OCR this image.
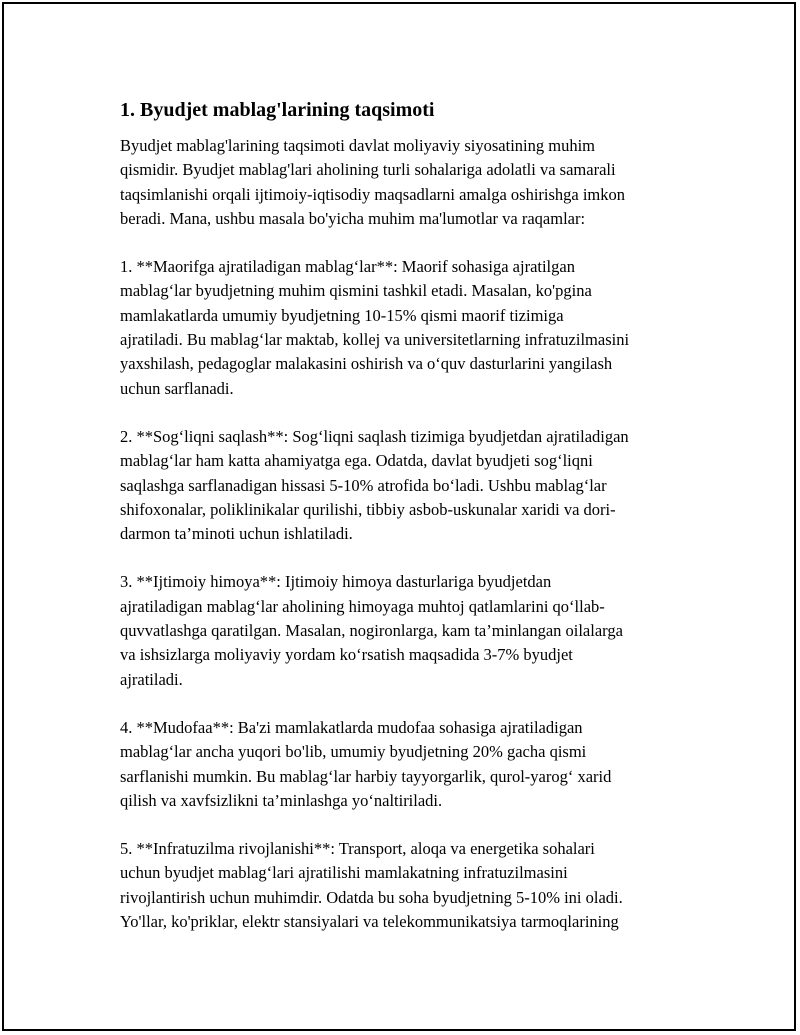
1. Byudjet mablag'larining taqsimoti

Byudjet mablag'larining taqsimoti davlat moliyaviy siyosatining muhim
qismidir. Byudjet mablag'lari aholining turli sohalariga adolatli va samarali
taqsimlanishi orqali ijtimoiy-iqtisodiy maqsadlarni amalga oshirishga imkon
beradi. Mana, ushbu masala bo'yicha muhim ma'lumotlar va raqamlar:

1. **Maorifga ajratiladigan mablag‘lar**: Maorif sohasiga ajratilgan
mablag‘lar byudjetning muhim qismini tashkil etadi. Masalan, ko'pgina
mamlakatlarda umumiy byudjetning 10-15% qismi maorif tizimiga
ajratiladi. Bu mablag‘lar maktab, kollej va universitetlarning infratuzilmasini
yaxshilash, pedagoglar malakasini oshirish va o‘quv dasturlarini yangilash
uchun sarflanadi.

2. **Sog‘liqni saqlash**: Sog‘liqni saqlash tizimiga byudjetdan ajratiladigan
mablag‘lar ham katta ahamiyatga ega. Odatda, davlat byudjeti sog‘liqni
saqlashga sarflanadigan hissasi 5-10% atrofida bo‘ladi. Ushbu mablag‘lar
shifoxonalar, poliklinikalar qurilishi, tibbiy asbob-uskunalar xaridi va dori-
darmon ta’minoti uchun ishlatiladi.

3. **Ijtimoiy himoya**: Ijtimoiy himoya dasturlariga byudjetdan
ajratiladigan mablag‘lar aholining himoyaga muhtoj qatlamlarini qo‘llab-
quvvatlashga qaratilgan. Masalan, nogironlarga, kam ta’minlangan oilalarga
va ishsizlarga moliyaviy yordam ko‘rsatish maqsadida 3-7% byudjet
ajratiladi.

4. **Mudofaa**: Ba'zi mamlakatlarda mudofaa sohasiga ajratiladigan
mablag‘lar ancha yuqori bo'lib, umumiy byudjetning 20% gacha qismi
sarflanishi mumkin. Bu mablag‘lar harbiy tayyorgarlik, qurol-yarog‘ xarid
qilish va xavfsizlikni ta’minlashga yo‘naltiriladi.

5. **Infratuzilma rivojlanishi**: Transport, aloqa va energetika sohalari
uchun byudjet mablag‘lari ajratilishi mamlakatning infratuzilmasini
rivojlantirish uchun muhimdir. Odatda bu soha byudjetning 5-10% ini oladi.
Yo'llar, ko'priklar, elektr stansiyalari va telekommunikatsiya tarmoqlarining
